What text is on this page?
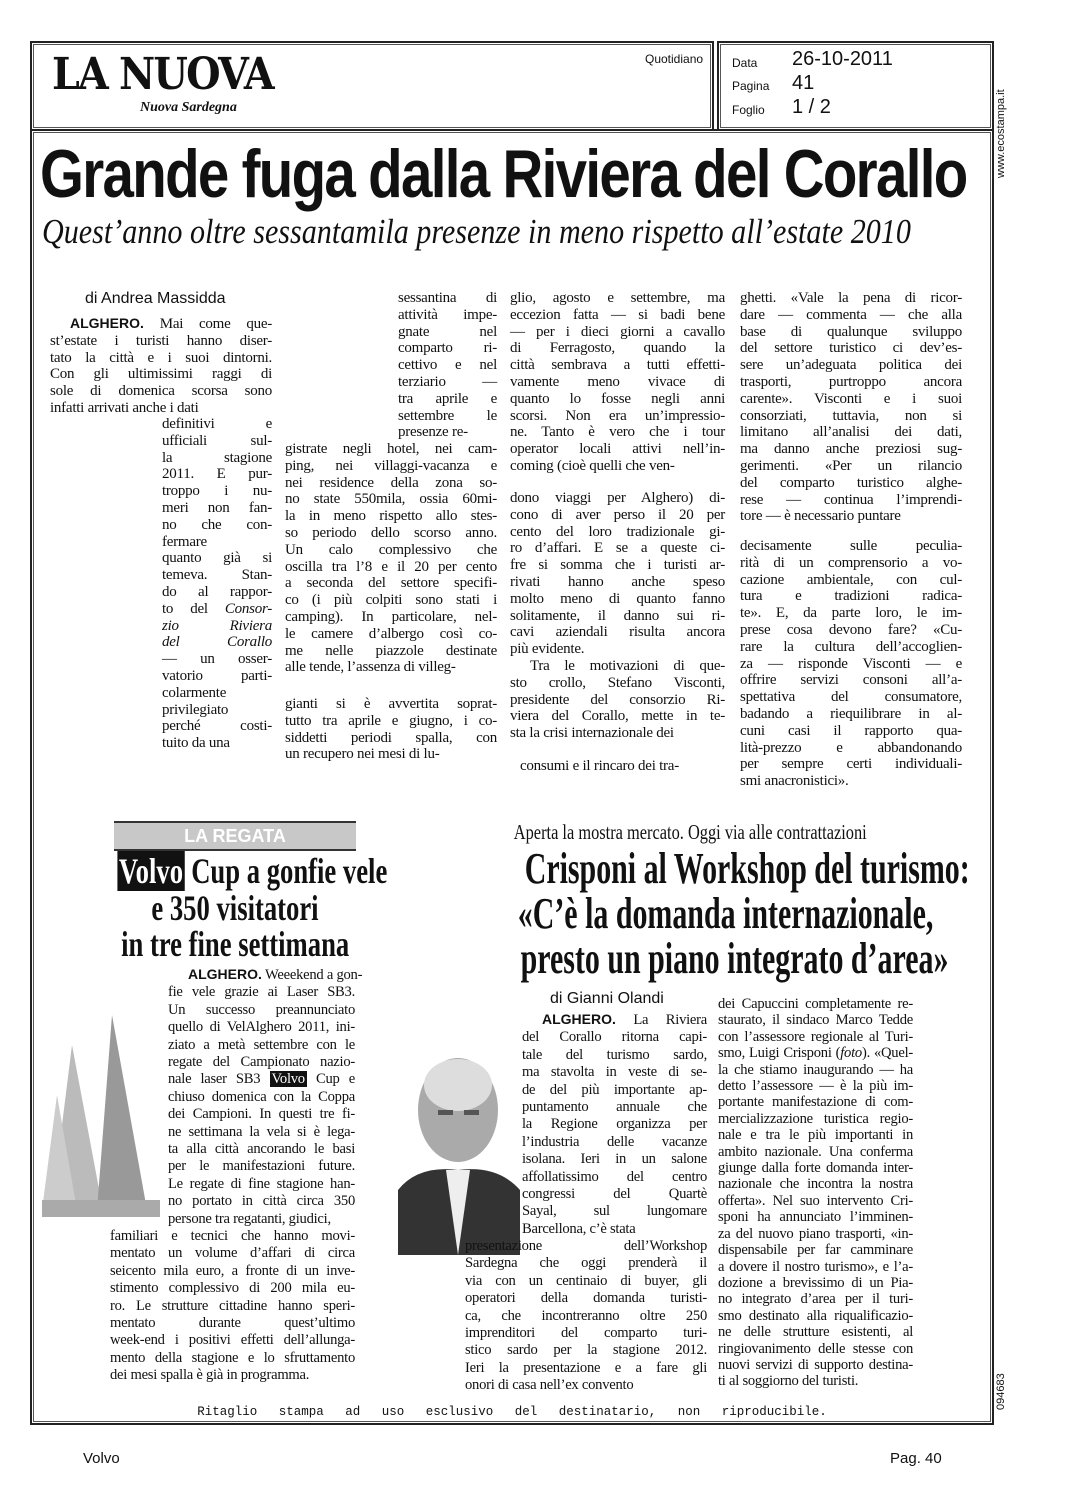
LA NUOVA
Nuova Sardegna
Quotidiano Data 26-10-2011
Pagina 41
Foglio 1 / 2	www.ecostampa.it
094683
Grande fuga dalla Riviera del Corallo
Quest’anno oltre sessantamila presenze in meno rispetto all’estate 2010
di Andrea Massidda
ALGHERO. Mai come que-
st’estate i turisti hanno diser-
tato la città e i suoi dintorni.
Con gli ultimissimi raggi di
sole di domenica scorsa sono
infatti arrivati anche i dati
definitivi e
ufficiali sul-
la stagione
2011. E pur-
troppo i nu-
meri non fan-
no che con-
fermare
quanto già si
temeva. Stan-
do al rappor-
to del Consor-
zio Riviera
del Corallo
— un osser-
vatorio parti-
colarmente
privilegiato
perché costi-
tuito da una
sessantina di
attività impe-
gnate nel
comparto ri-
cettivo e nel
terziario —
tra aprile e
settembre le
presenze re-
gistrate negli hotel, nei cam-
ping, nei villaggi-vacanza e
nei residence della zona so-
no state 550mila, ossia 60mi-
la in meno rispetto allo stes-
so periodo dello scorso anno.
Un calo complessivo che
oscilla tra l’8 e il 20 per cento
a seconda del settore specifi-
co (i più colpiti sono stati i
camping). In particolare, nel-
le camere d’albergo così co-
me nelle piazzole destinate
alle tende, l’assenza di villeg-
gianti si è avvertita soprat-
tutto tra aprile e giugno, i co-
siddetti periodi spalla, con
un recupero nei mesi di lu-
glio, agosto e settembre, ma
eccezion fatta — si badi bene
— per i dieci giorni a cavallo
di Ferragosto, quando la
città sembrava a tutti effetti-
vamente meno vivace di
quanto lo fosse negli anni
scorsi. Non era un’impressio-
ne. Tanto è vero che i tour
operator locali attivi nell’in-
coming (cioè quelli che ven-
dono viaggi per Alghero) di-
cono di aver perso il 20 per
cento del loro tradizionale gi-
ro d’affari. E se a queste ci-
fre si somma che i turisti ar-
rivati hanno anche speso
molto meno di quanto fanno
solitamente, il danno sui ri-
cavi aziendali risulta ancora
più evidente.
Tra le motivazioni di que-
sto crollo, Stefano Visconti,
presidente del consorzio Ri-
viera del Corallo, mette in te-
sta la crisi internazionale dei
consumi e il rincaro dei tra-
ghetti. «Vale la pena di ricor-
dare — commenta — che alla
base di qualunque sviluppo
del settore turistico ci dev’es-
sere un’adeguata politica dei
trasporti, purtroppo ancora
carente». Visconti e i suoi
consorziati, tuttavia, non si
limitano all’analisi dei dati,
ma danno anche preziosi sug-
gerimenti. «Per un rilancio
del comparto turistico alghe-
rese — continua l’imprendi-
tore — è necessario puntare
decisamente sulle peculia-
rità di un comprensorio a vo-
cazione ambientale, con cul-
tura e tradizioni radica-
te». E, da parte loro, le im-
prese cosa devono fare? «Cu-
rare la cultura dell’accoglien-
za — risponde Visconti — e
offrire servizi consoni all’a-
spettativa del consumatore,
badando a riequilibrare in al-
cuni casi il rapporto qua-
lità-prezzo e abbandonando
per sempre certi individuali-
smi anacronistici».
LA REGATA
Volvo Cup a gonfie vele
e 350 visitatori
in tre fine settimana
ALGHERO. Weeekend a gon-
fie vele grazie ai Laser SB3.
Un successo preannunciato
quello di VelAlghero 2011, ini-
ziato a metà settembre con le
regate del Campionato nazio-
nale laser SB3 Volvo Cup e
chiuso domenica con la Coppa
dei Campioni. In questi tre fi-
ne settimana la vela si è lega-
ta alla città ancorando le basi
per le manifestazioni future.
Le regate di fine stagione han-
no portato in città circa 350
persone tra regatanti, giudici,
familiari e tecnici che hanno movi-
mentato un volume d’affari di circa
seicento mila euro, a fronte di un inve-
stimento complessivo di 200 mila eu-
ro. Le strutture cittadine hanno speri-
mentato durante quest’ultimo
week-end i positivi effetti dell’allunga-
mento della stagione e lo sfruttamento
dei mesi spalla è già in programma.
Aperta la mostra mercato. Oggi via alle contrattazioni
Crisponi al Workshop del turismo:
«C’è la domanda internazionale,
presto un piano integrato d’area»
di Gianni Olandi
ALGHERO. La Riviera
del Corallo ritorna capi-
tale del turismo sardo,
ma stavolta in veste di se-
de del più importante ap-
puntamento annuale che
la Regione organizza per
l’industria delle vacanze
isolana. Ieri in un salone
affollatissimo del centro
congressi del Quartè
Sayal, sul lungomare
Barcellona, c’è stata
presentazione dell’Workshop
Sardegna che oggi prenderà il
via con un centinaio di buyer, gli
operatori della domanda turisti-
ca, che incontreranno oltre 250
imprenditori del comparto turi-
stico sardo per la stagione 2012.
Ieri la presentazione e a fare gli
onori di casa nell’ex convento
dei Capuccini completamente re-
staurato, il sindaco Marco Tedde
con l’assessore regionale al Turi-
smo, Luigi Crisponi (foto). «Quel-
la che stiamo inaugurando — ha
detto l’assessore — è la più im-
portante manifestazione di com-
mercializzazione turistica regio-
nale e tra le più importanti in
ambito nazionale. Una conferma
giunge dalla forte domanda inter-
nazionale che incontra la nostra
offerta». Nel suo intervento Cri-
sponi ha annunciato l’imminen-
za del nuovo piano trasporti, «in-
dispensabile per far camminare
a dovere il nostro turismo», e l’a-
dozione a brevissimo di un Pia-
no integrato d’area per il turi-
smo destinato alla riqualificazio-
ne delle strutture esistenti, al
ringiovanimento delle stesse con
nuovi servizi di supporto destina-
ti al soggiorno del turisti.
Ritaglio stampa ad uso esclusivo del destinatario, non riproducibile.
Volvo	Pag. 40
